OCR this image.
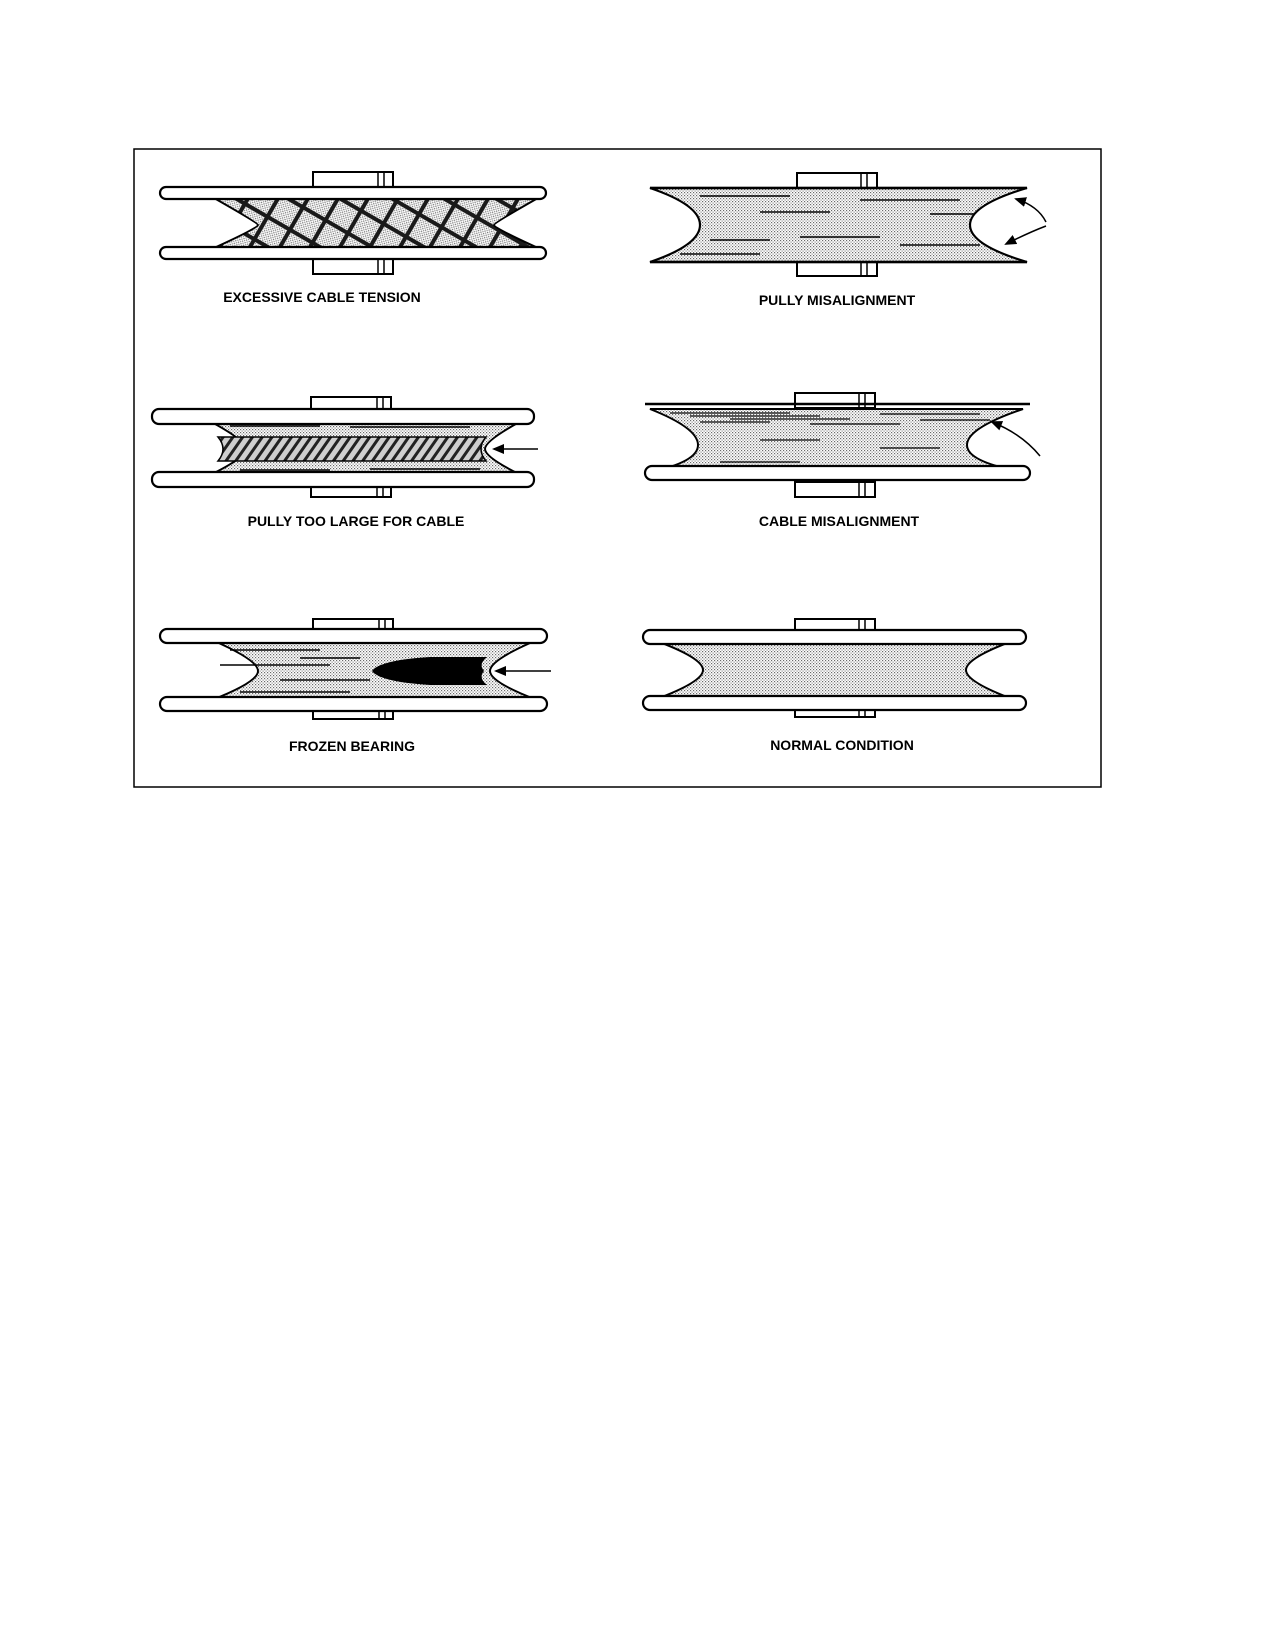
EXCESSIVE CABLE TENSION	PULLY MISALIGNMENT
PULLY TOO LARGE FOR CABLE	CABLE MISALIGNMENT
FROZEN BEARING	NORMAL CONDITION
